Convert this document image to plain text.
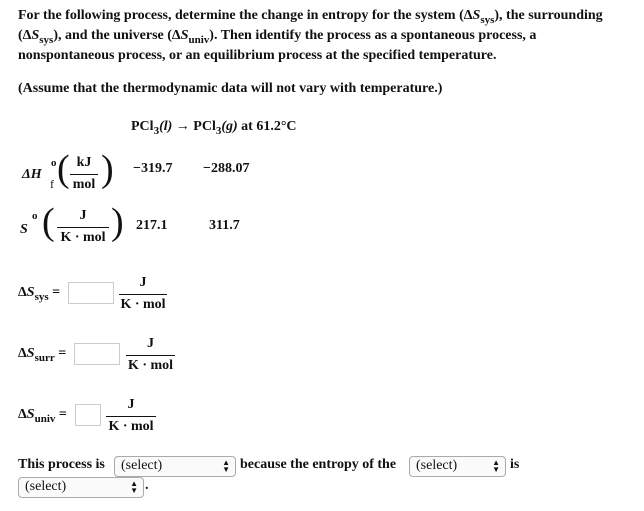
For the following process, determine the change in entropy for the system $(\Delta S_{sys})$, the surrounding
$(\Delta S_{sys})$, and the universe $(\Delta S_{univ})$. Then identify the process as a spontaneous process, a
nonspontaneous process, or an equilibrium process at the specified temperature.
(Assume that the thermodynamic data will not vary with temperature.)
PCl$_3$(l) → PCl$_3$(g) at 61.2°C
ΔH
o
f ( kJ
mol ) −319.7 −288.07
S
o (	J
K · mol ) 217.1	311.7
$\Delta S_{sys}$ =
J
K · mol
$\Delta S_{surr}$ =
J
K · mol
$\Delta S_{univ}$ =
J
K · mol
This process is	(select)	▲
▼ because the entropy of the	(select)	▲
▼ is
(select)	▲
▼ .
